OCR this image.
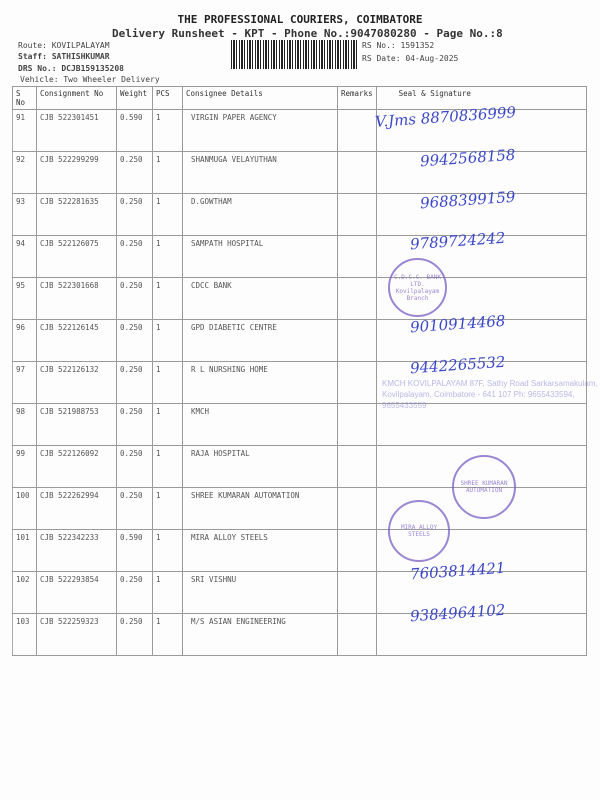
THE PROFESSIONAL COURIERS, COIMBATORE
Delivery Runsheet - KPT - Phone No.:9047080280 - Page No.:8
Route: KOVILPALAYAM
Staff: SATHISHKUMAR
DRS No.: DCJB159135208
Vehicle: Two Wheeler Delivery
RS No.: 1591352
RS Date: 04-Aug-2025
S No	Consignment No	Weight	PCS	Consignee Details	Remarks	Seal & Signature
91	CJB 522301451	0.590	1	VIRGIN PAPER AGENCY		
92	CJB 522299299	0.250	1	SHANMUGA VELAYUTHAN		
93	CJB 522281635	0.250	1	D.GOWTHAM		
94	CJB 522126075	0.250	1	SAMPATH HOSPITAL		
95	CJB 522301668	0.250	1	CDCC BANK		
96	CJB 522126145	0.250	1	GPD DIABETIC CENTRE		
97	CJB 522126132	0.250	1	R L NURSHING HOME		
98	CJB 521988753	0.250	1	KMCH		
99	CJB 522126092	0.250	1	RAJA HOSPITAL		
100	CJB 522262994	0.250	1	SHREE KUMARAN AUTOMATION		
101	CJB 522342233	0.590	1	MIRA ALLOY STEELS		
102	CJB 522293854	0.250	1	SRI VISHNU		
103	CJB 522259323	0.250	1	M/S ASIAN ENGINEERING		
V.Jms 8870836999
9942568158
9688399159
9789724242
9010914468
9442265532
7603814421
9384964102
C.D.C.C. BANK LTD. Kovilpalayam Branch
KMCH KOVILPALAYAM 87F, Sathy Road Sarkarsamakulam, Kovilpalayam, Coimbatore - 641 107 Ph: 9655433594, 9655433559
SHREE KUMARAN AUTOMATION
MIRA ALLOY STEELS
